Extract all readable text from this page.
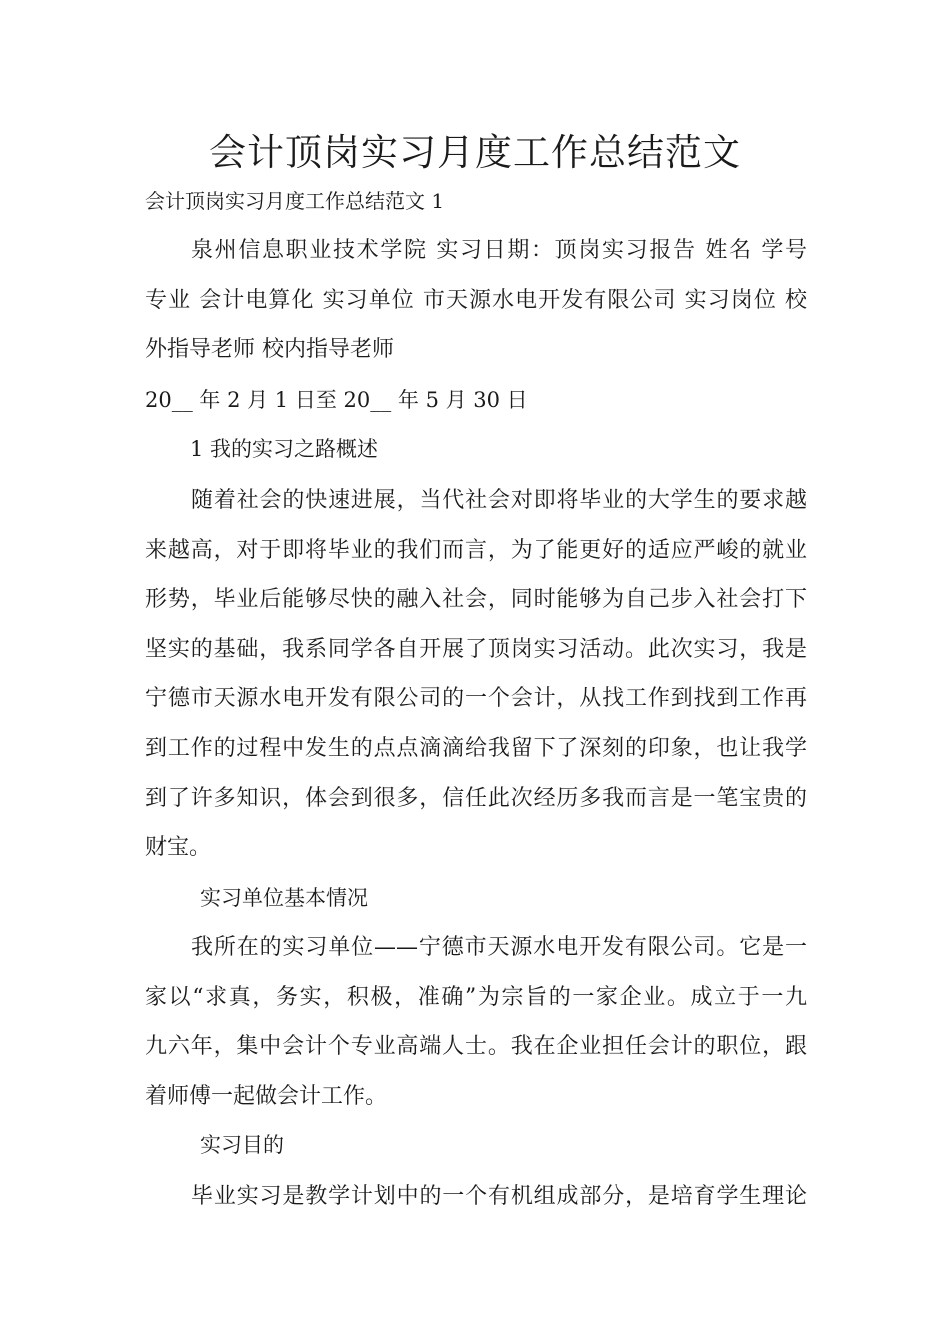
会计顶岗实习月度工作总结范文
会计顶岗实习月度工作总结范文 1
泉州信息职业技术学院 实习日期：顶岗实习报告 姓名 学号
专业 会计电算化 实习单位 市天源水电开发有限公司 实习岗位 校
外指导老师 校内指导老师
20__ 年 2 月 1 日至 20__ 年 5 月 30 日
1 我的实习之路概述
随着社会的快速进展，当代社会对即将毕业的大学生的要求越
来越高，对于即将毕业的我们而言，为了能更好的适应严峻的就业
形势，毕业后能够尽快的融入社会，同时能够为自己步入社会打下
坚实的基础，我系同学各自开展了顶岗实习活动。此次实习，我是
宁德市天源水电开发有限公司的一个会计，从找工作到找到工作再
到工作的过程中发生的点点滴滴给我留下了深刻的印象，也让我学
到了许多知识，体会到很多，信任此次经历多我而言是一笔宝贵的
财宝。
实习单位基本情况
我所在的实习单位——宁德市天源水电开发有限公司。它是一
家以“求真，务实，积极，准确”为宗旨的一家企业。成立于一九
九六年，集中会计个专业高端人士。我在企业担任会计的职位，跟
着师傅一起做会计工作。
实习目的
毕业实习是教学计划中的一个有机组成部分，是培育学生理论
